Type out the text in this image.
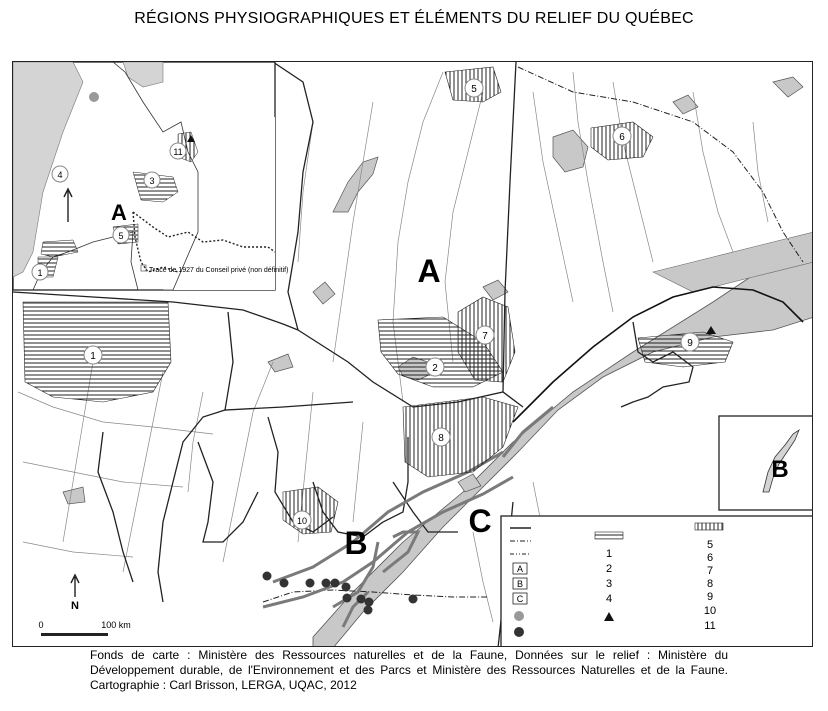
RÉGIONS PHYSIOGRAPHIQUES ET ÉLÉMENTS DU RELIEF DU QUÉBEC
1
2
5
6
7
8
9
10
A
B
C
11
3
4
5
1
A
Tracé de 1927 du Conseil privé (non définitif)
B
A
B
C
1
2
3
4
5
6
7
8
9
10
11
N
0	100 km
Fonds de carte : Ministère des Ressources naturelles et de la Faune, Données sur le relief : Ministère du Développement durable, de l'Environnement et des Parcs et Ministère des Ressources Naturelles et de la Faune. Cartographie : Carl Brisson, LERGA, UQAC, 2012
